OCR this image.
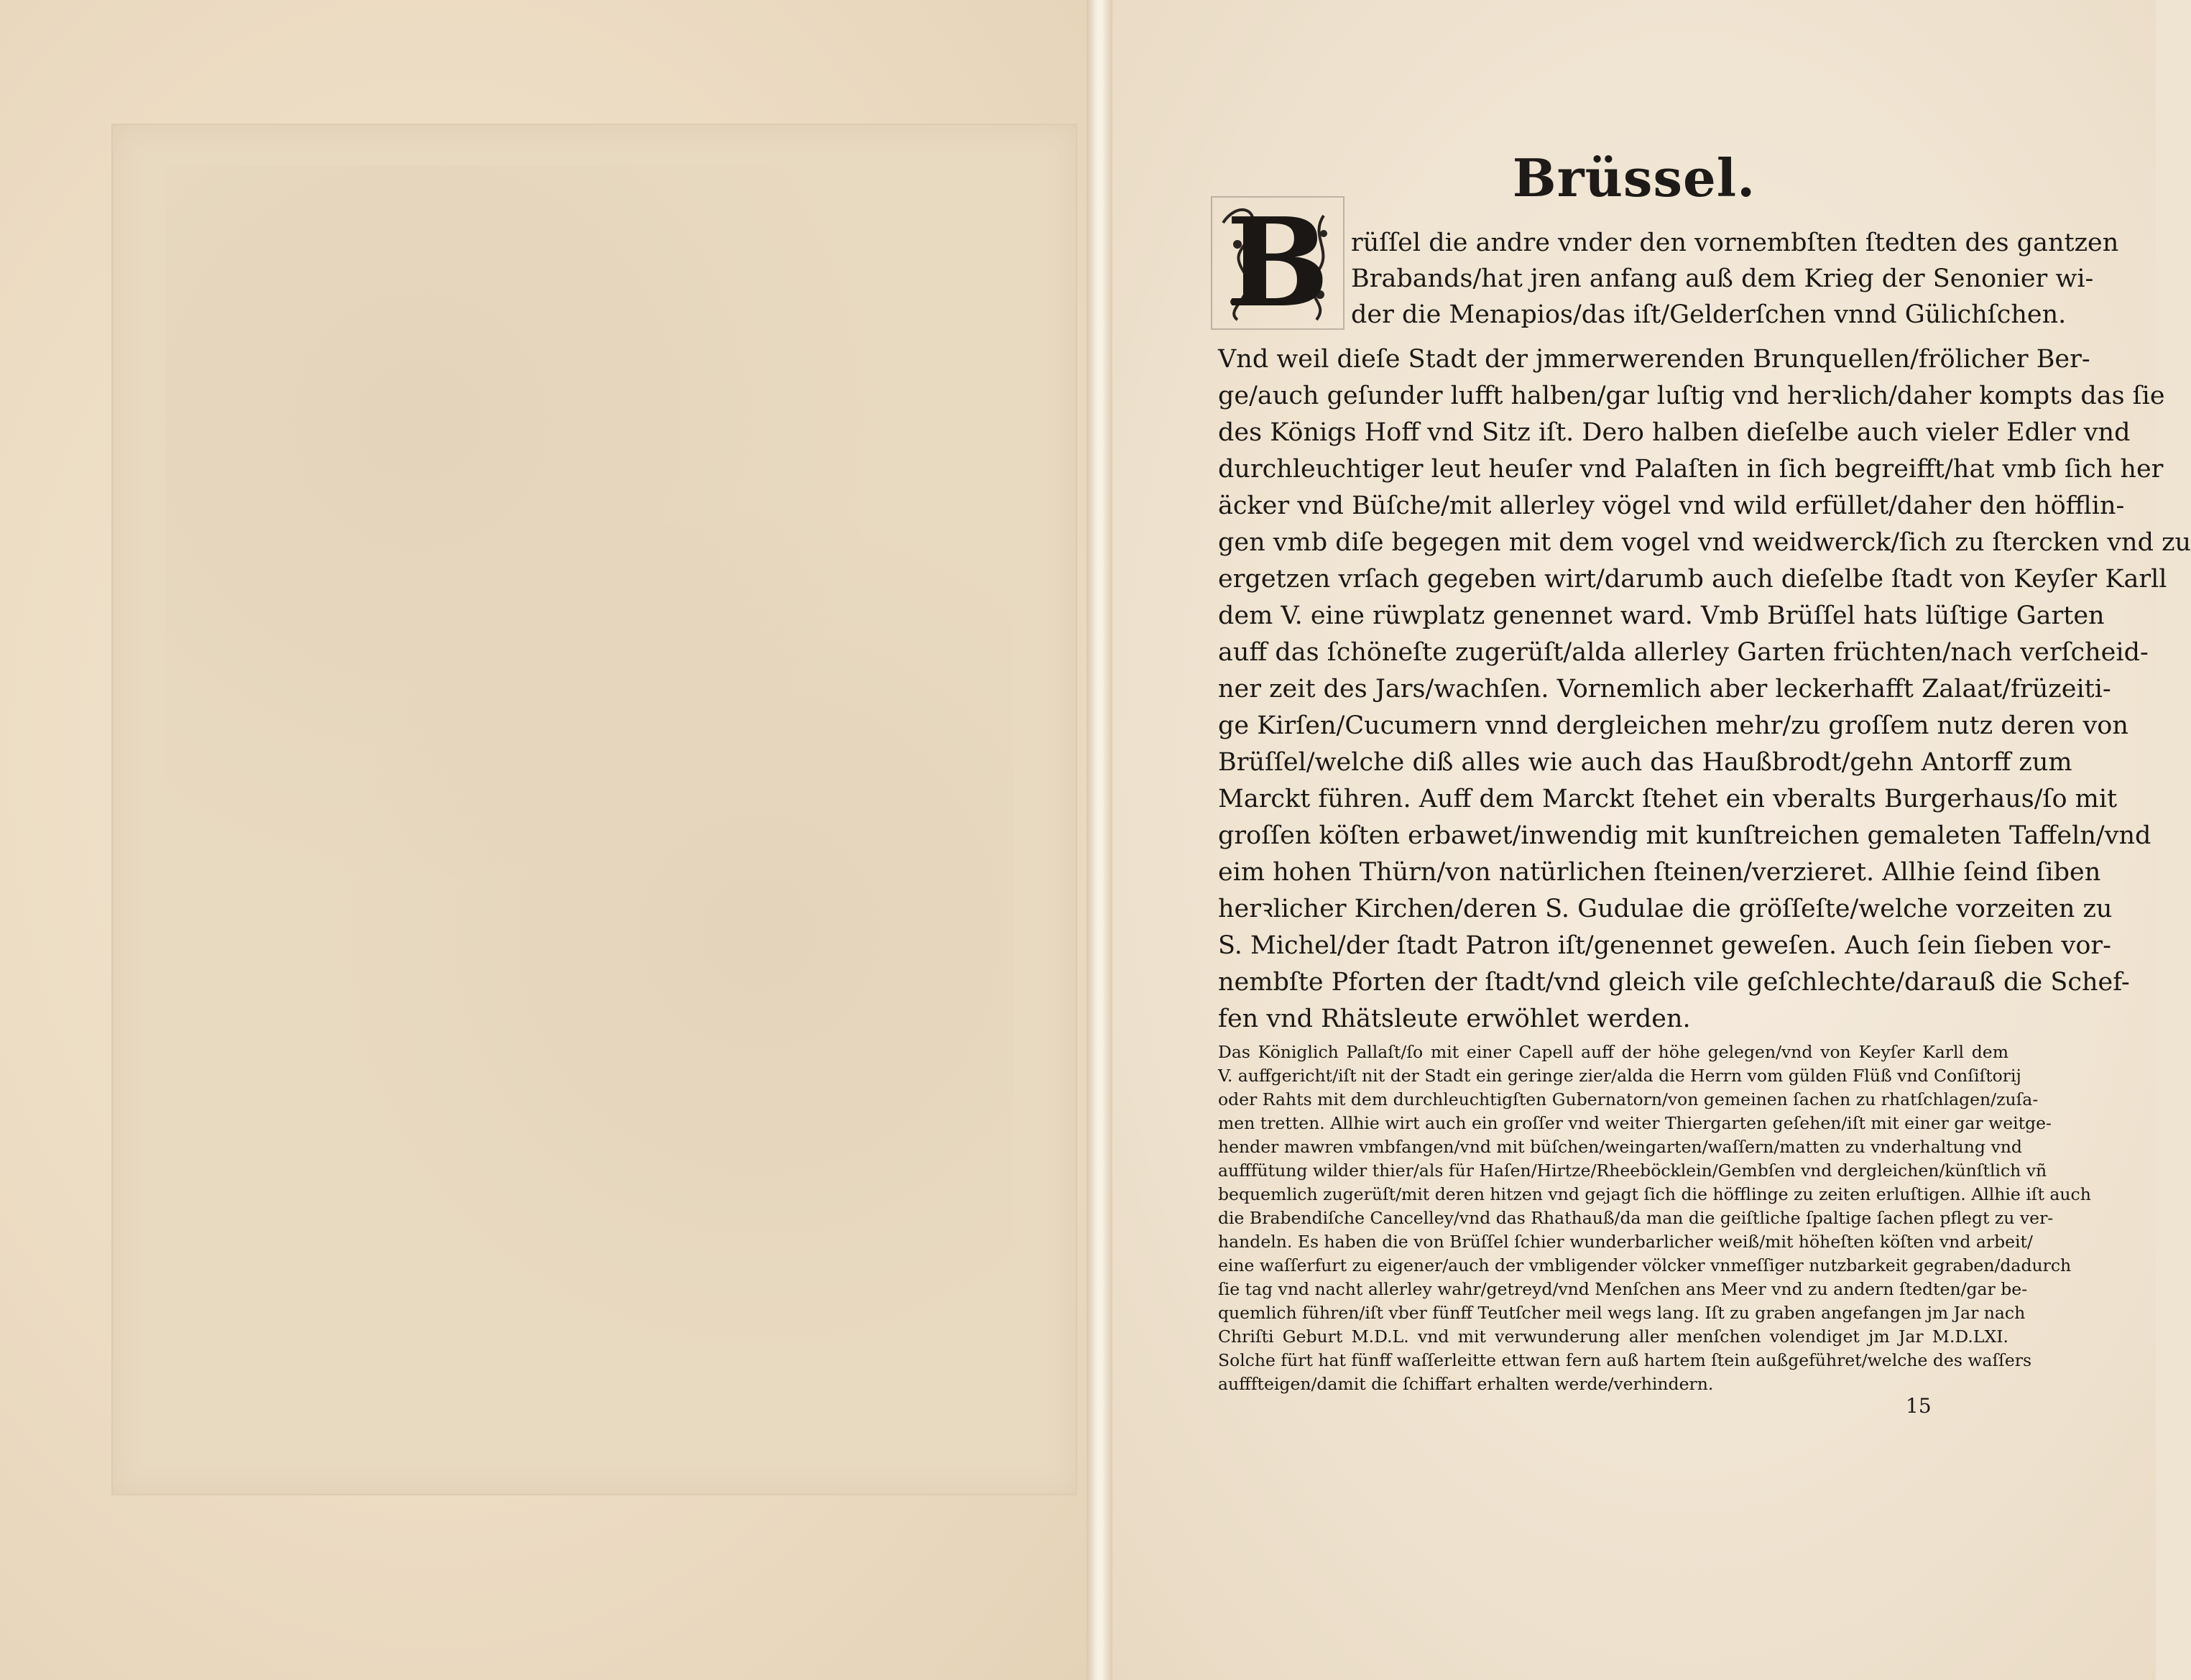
Brüssel.
B rüſſel die andre vnder den vornembſten ſtedten des gantzen
Brabands/hat jren anfang auß dem Krieg der Senonier wi-
der die Menapios/das iſt/Gelderſchen vnnd Gülichſchen.
Vnd weil dieſe Stadt der jmmerwerenden Brunquellen/frölicher Ber-
ge/auch geſunder lufft halben/gar luſtig vnd herꝛlich/daher kompts das ſie
des Königs Hoff vnd Sitz iſt. Dero halben dieſelbe auch vieler Edler vnd
durchleuchtiger leut heuſer vnd Palaſten in ſich begreifft/hat vmb ſich her
äcker vnd Büſche/mit allerley vögel vnd wild erfüllet/daher den höfflin-
gen vmb diſe begegen mit dem vogel vnd weidwerck/ſich zu ſtercken vnd zu
ergetzen vrſach gegeben wirt/darumb auch dieſelbe ſtadt von Keyſer Karll
dem V. eine rüwplatz genennet ward. Vmb Brüſſel hats lüſtige Garten
auff das ſchöneſte zugerüſt/alda allerley Garten früchten/nach verſcheid-
ner zeit des Jars/wachſen. Vornemlich aber leckerhafft Zalaat/früzeiti-
ge Kirſen/Cucumern vnnd dergleichen mehr/zu groſſem nutz deren von
Brüſſel/welche diß alles wie auch das Haußbrodt/gehn Antorff zum
Marckt führen. Auff dem Marckt ſtehet ein vberalts Burgerhaus/ſo mit
groſſen köſten erbawet/inwendig mit kunſtreichen gemaleten Taffeln/vnd
eim hohen Thürn/von natürlichen ſteinen/verzieret. Allhie ſeind ſiben
herꝛlicher Kirchen/deren S. Gudulae die gröſſeſte/welche vorzeiten zu
S. Michel/der ſtadt Patron iſt/genennet geweſen. Auch ſein ſieben vor-
nembſte Pforten der ſtadt/vnd gleich vile geſchlechte/darauß die Schef-
fen vnd Rhätsleute erwöhlet werden.
Das Königlich Pallaſt/ſo mit einer Capell auff der höhe gelegen/vnd von Keyſer Karll dem
V. auffgericht/iſt nit der Stadt ein geringe zier/alda die Herrn vom gülden Flüß vnd Conſiſtorij
oder Rahts mit dem durchleuchtigſten Gubernatorn/von gemeinen ſachen zu rhatſchlagen/zuſa-
men tretten. Allhie wirt auch ein groſſer vnd weiter Thiergarten geſehen/iſt mit einer gar weitge-
hender mawren vmbfangen/vnd mit büſchen/weingarten/waſſern/matten zu vnderhaltung vnd
aufffütung wilder thier/als für Haſen/Hirtze/Rheeböcklein/Gembſen vnd dergleichen/künſtlich vñ
bequemlich zugerüſt/mit deren hitzen vnd gejagt ſich die höfflinge zu zeiten erluſtigen. Allhie iſt auch
die Brabendiſche Cancelley/vnd das Rhathauß/da man die geiſtliche ſpaltige ſachen pflegt zu ver-
handeln. Es haben die von Brüſſel ſchier wunderbarlicher weiß/mit höheſten köſten vnd arbeit/
eine waſſerfurt zu eigener/auch der vmbligender völcker vnmeſſiger nutzbarkeit gegraben/dadurch
ſie tag vnd nacht allerley wahr/getreyd/vnd Menſchen ans Meer vnd zu andern ſtedten/gar be-
quemlich führen/iſt vber fünff Teutſcher meil wegs lang. Iſt zu graben angefangen jm Jar nach
Chriſti Geburt M.D.L. vnd mit verwunderung aller menſchen volendiget jm Jar M.D.LXI.
Solche fürt hat fünff waſſerleitte ettwan fern auß hartem ſtein außgeführet/welche des waſſers
aufffteigen/damit die ſchiffart erhalten werde/verhindern.
15
